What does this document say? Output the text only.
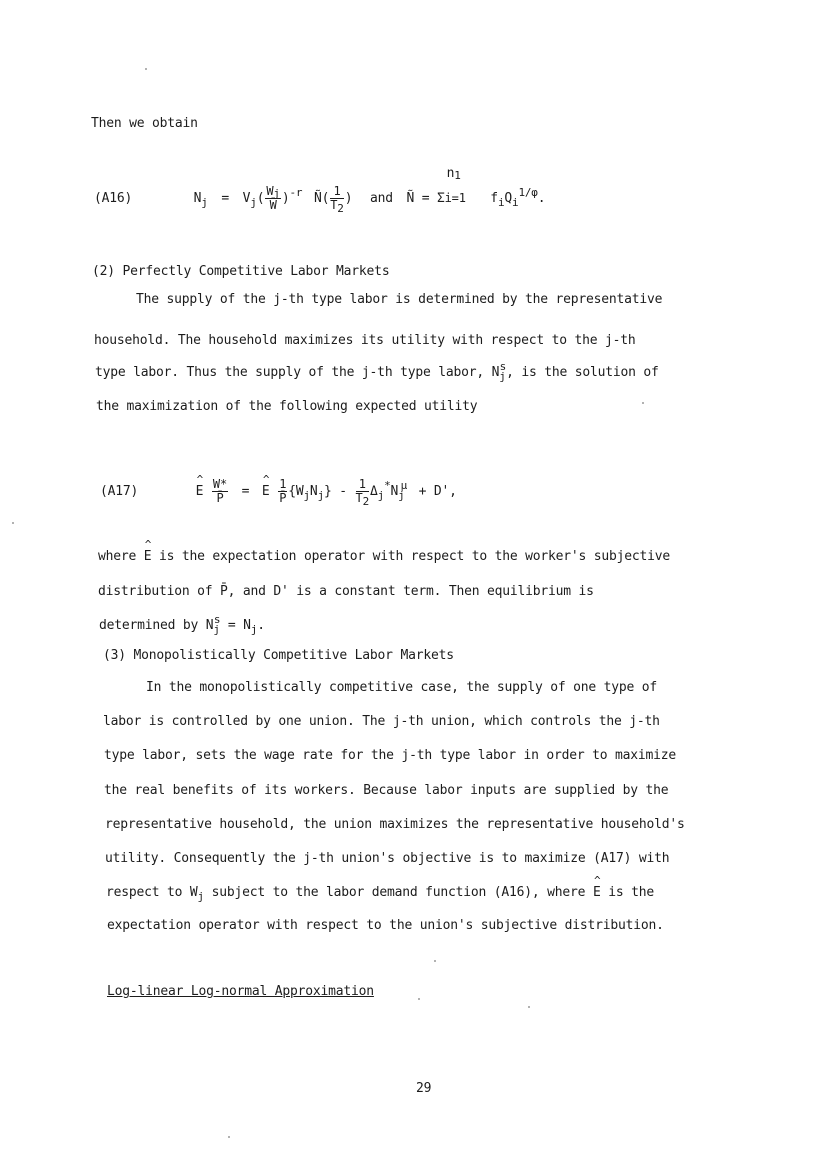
Then we obtain
(A16)	$N_j = V_j( \frac{Wj}{W̄} )^{-r}$ Ñ( $\frac{1}{T2}$ ) and Ñ = Σ
n1
i=1 $f_iQ_i^{1/\varphi}$.
(2) Perfectly Competitive Labor Markets
The supply of the j-th type labor is determined by the representative
household. The household maximizes its utility with respect to the j-th
type labor. Thus the supply of the j-th type labor, $N_j^s$, is the solution of
the maximization of the following expected utility
(A17)	^ E $\frac{W*}{P̄}$ = ^ E $\frac{1}{P̄} \{W_jN_j\} - \frac{1}{T2} \Delta_j^*N_j^\mu + D'$,
where ^ E is the expectation operator with respect to the worker's subjective
distribution of P̄, and D' is a constant term. Then equilibrium is
determined by $N_j^s = N_j$.
(3) Monopolistically Competitive Labor Markets
In the monopolistically competitive case, the supply of one type of
labor is controlled by one union. The j-th union, which controls the j-th
type labor, sets the wage rate for the j-th type labor in order to maximize
the real benefits of its workers. Because labor inputs are supplied by the
representative household, the union maximizes the representative household's
utility. Consequently the j-th union's objective is to maximize (A17) with
respect to $W_j$ subject to the labor demand function (A16), where ^ E is the
expectation operator with respect to the union's subjective distribution.
Log-linear Log-normal Approximation
29
